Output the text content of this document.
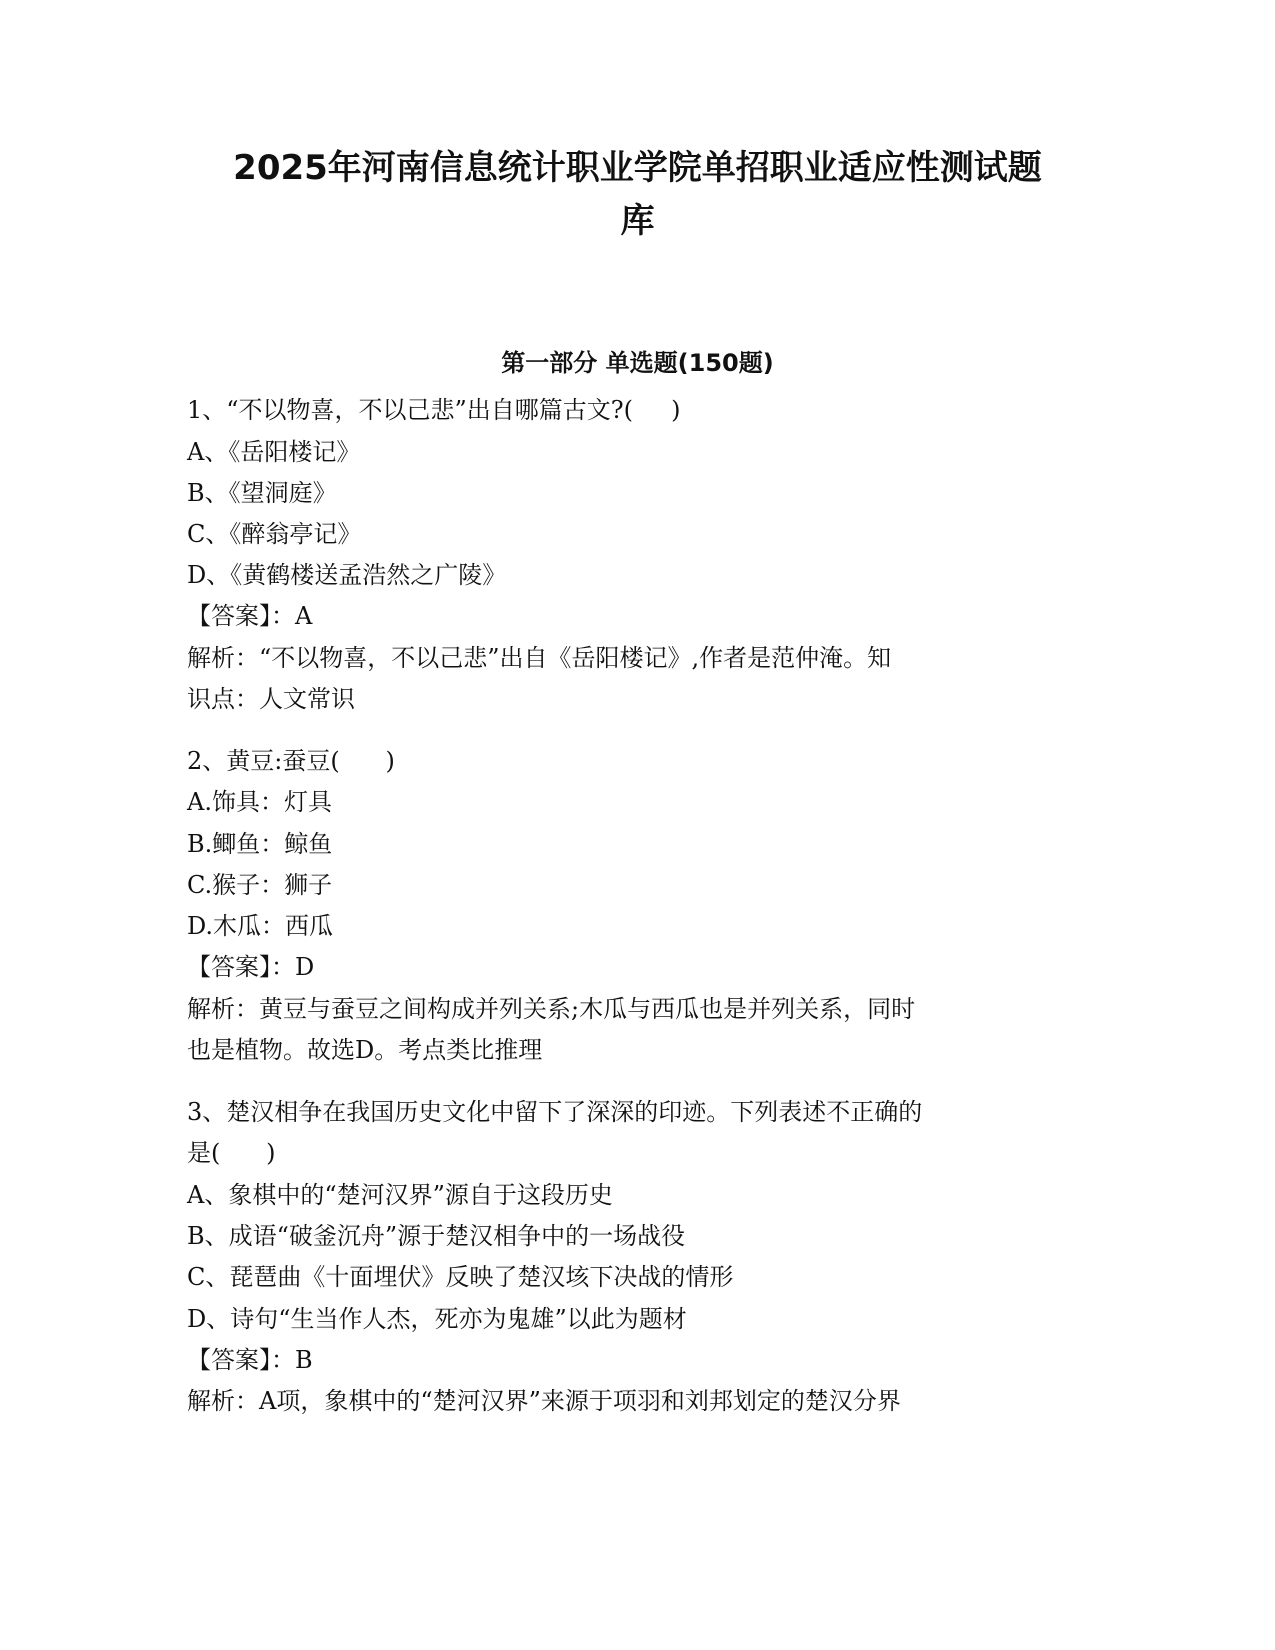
2025年河南信息统计职业学院单招职业适应性测试题
库
第一部分 单选题(150题)
1、“不以物喜，不以己悲”出自哪篇古文?(     )
A、《岳阳楼记》
B、《望洞庭》
C、《醉翁亭记》
D、《黄鹤楼送孟浩然之广陵》
【答案】：A
解析：“不以物喜，不以己悲”出自《岳阳楼记》,作者是范仲淹。知
识点：人文常识
2、黄豆:蚕豆(      )
A.饰具：灯具
B.鲫鱼：鲸鱼
C.猴子：狮子
D.木瓜：西瓜
【答案】：D
解析：黄豆与蚕豆之间构成并列关系;木瓜与西瓜也是并列关系，同时
也是植物。故选D。考点类比推理
3、楚汉相争在我国历史文化中留下了深深的印迹。下列表述不正确的
是(      )
A、象棋中的“楚河汉界”源自于这段历史
B、成语“破釜沉舟”源于楚汉相争中的一场战役
C、琵琶曲《十面埋伏》反映了楚汉垓下决战的情形
D、诗句“生当作人杰，死亦为鬼雄”以此为题材
【答案】：B
解析：A项，象棋中的“楚河汉界”来源于项羽和刘邦划定的楚汉分界
